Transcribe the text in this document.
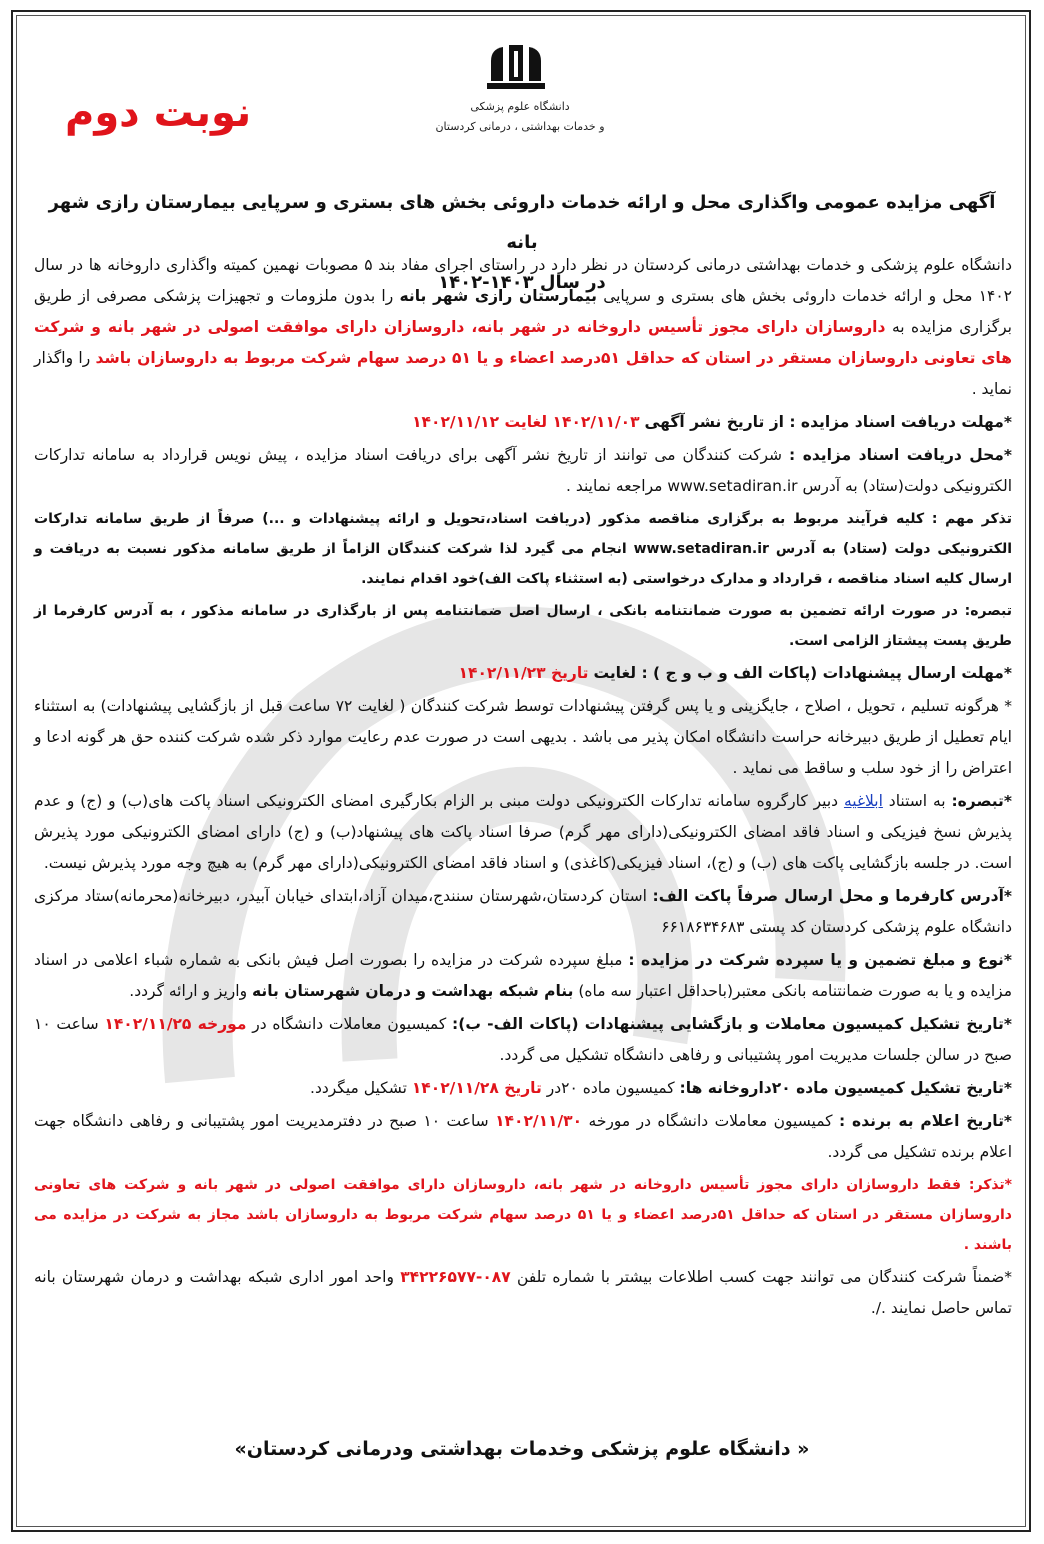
دانشگاه علوم پزشکی
و خدمات بهداشتی ، درمانی کردستان
نوبت دوم
آگهی مزایده عمومی واگذاری محل و ارائه خدمات داروئی بخش های بستری و سرپایی بیمارستان رازی شهر بانه
در سال ۱۴۰۳-۱۴۰۲

دانشگاه علوم پزشکی و خدمات بهداشتی درمانی کردستان در نظر دارد در راستای اجرای مفاد بند ۵ مصوبات نهمین کمیته واگذاری داروخانه ها در سال ۱۴۰۲ محل و ارائه خدمات داروئی بخش های بستری و سرپایی بیمارستان رازی شهر بانه را بدون ملزومات و تجهیزات پزشکی مصرفی از طریق برگزاری مزایده به داروسازان دارای مجوز تأسیس داروخانه در شهر بانه، داروسازان دارای موافقت اصولی در شهر بانه و شرکت های تعاونی داروسازان مستقر در استان که حداقل ۵۱درصد اعضاء و یا ۵۱ درصد سهام شرکت مربوط به داروسازان باشد را واگذار نماید .

*مهلت دریافت اسناد مزایده : از تاریخ نشر آگهی ۱۴۰۲/۱۱/۰۳ لغایت ۱۴۰۲/۱۱/۱۲

*محل دریافت اسناد مزایده : شرکت کنندگان می توانند از تاریخ نشر آگهی برای دریافت اسناد مزایده ، پیش نویس قرارداد به سامانه تدارکات الکترونیکی دولت(ستاد) به آدرس www.setadiran.ir مراجعه نمایند .

تذکر مهم : کلیه فرآیند مربوط به برگزاری مناقصه مذکور (دریافت اسناد،تحویل و ارائه پیشنهادات و ...) صرفاً از طریق سامانه تدارکات الکترونیکی دولت (ستاد) به آدرس www.setadiran.ir انجام می گیرد لذا شرکت کنندگان الزاماً از طریق سامانه مذکور نسبت به دریافت و ارسال کلیه اسناد مناقصه ، قرارداد و مدارک درخواستی (به استثناء پاکت الف)خود اقدام نمایند.

تبصره: در صورت ارائه تضمین به صورت ضمانتنامه بانکی ، ارسال اصل ضمانتنامه پس از بارگذاری در سامانه مذکور ، به آدرس کارفرما از طریق پست پیشتاز الزامی است.

*مهلت ارسال پیشنهادات (پاکات الف و ب و ج ) : لغایت تاریخ ۱۴۰۲/۱۱/۲۳

* هرگونه تسلیم ، تحویل ، اصلاح ، جایگزینی و یا پس گرفتن پیشنهادات توسط شرکت کنندگان ( لغایت ۷۲ ساعت قبل از بازگشایی پیشنهادات) به استثناء ایام تعطیل از طریق دبیرخانه حراست دانشگاه امکان پذیر می باشد . بدیهی است در صورت عدم رعایت موارد ذکر شده شرکت کننده حق هر گونه ادعا و اعتراض را از خود سلب و ساقط می نماید .

*تبصره: به استناد ابلاغیه دبیر کارگروه سامانه تدارکات الکترونیکی دولت مبنی بر الزام بکارگیری امضای الکترونیکی اسناد پاکت های(ب) و (ج) و عدم پذیرش نسخ فیزیکی و اسناد فاقد امضای الکترونیکی(دارای مهر گرم) صرفا اسناد پاکت های پیشنهاد(ب) و (ج) دارای امضای الکترونیکی مورد پذیرش است. در جلسه بازگشایی پاکت های (ب) و (ج)، اسناد فیزیکی(کاغذی) و اسناد فاقد امضای الکترونیکی(دارای مهر گرم) به هیچ وجه مورد پذیرش نیست.

*آدرس کارفرما و محل ارسال صرفاً پاکت الف: استان کردستان،شهرستان سنندج،میدان آزاد،ابتدای خیابان آبیدر، دبیرخانه(محرمانه)ستاد مرکزی دانشگاه علوم پزشکی کردستان کد پستی ۶۶۱۸۶۳۴۶۸۳

*نوع و مبلغ تضمین و یا سپرده شرکت در مزایده : مبلغ سپرده شرکت در مزایده را بصورت اصل فیش بانکی به شماره شباء اعلامی در اسناد مزایده و یا به صورت ضمانتنامه بانکی معتبر(باحداقل اعتبار سه ماه) بنام شبکه بهداشت و درمان شهرستان بانه واریز و ارائه گردد.

*تاریخ تشکیل کمیسیون معاملات و بازگشایی پیشنهادات (پاکات الف- ب): کمیسیون معاملات دانشگاه در مورخه ۱۴۰۲/۱۱/۲۵ ساعت ۱۰ صبح در سالن جلسات مدیریت امور پشتیبانی و رفاهی دانشگاه تشکیل می گردد.

*تاریخ تشکیل کمیسیون ماده ۲۰داروخانه ها: کمیسیون ماده ۲۰در تاریخ ۱۴۰۲/۱۱/۲۸ تشکیل میگردد.

*تاریخ اعلام به برنده : کمیسیون معاملات دانشگاه در مورخه ۱۴۰۲/۱۱/۳۰ ساعت ۱۰ صبح در دفترمدیریت امور پشتیبانی و رفاهی دانشگاه جهت اعلام برنده تشکیل می گردد.

*تذکر: فقط داروسازان دارای مجوز تأسیس داروخانه در شهر بانه، داروسازان دارای موافقت اصولی در شهر بانه و شرکت های تعاونی داروسازان مستقر در استان که حداقل ۵۱درصد اعضاء و یا ۵۱ درصد سهام شرکت مربوط به داروسازان باشد مجاز به شرکت در مزایده می باشند .

*ضمناً شرکت کنندگان می توانند جهت کسب اطلاعات بیشتر با شماره تلفن ۰۸۷-۳۴۲۲۶۵۷۷ واحد امور اداری شبکه بهداشت و درمان شهرستان بانه تماس حاصل نمایند ./.

« دانشگاه علوم پزشکی وخدمات بهداشتی ودرمانی کردستان»
